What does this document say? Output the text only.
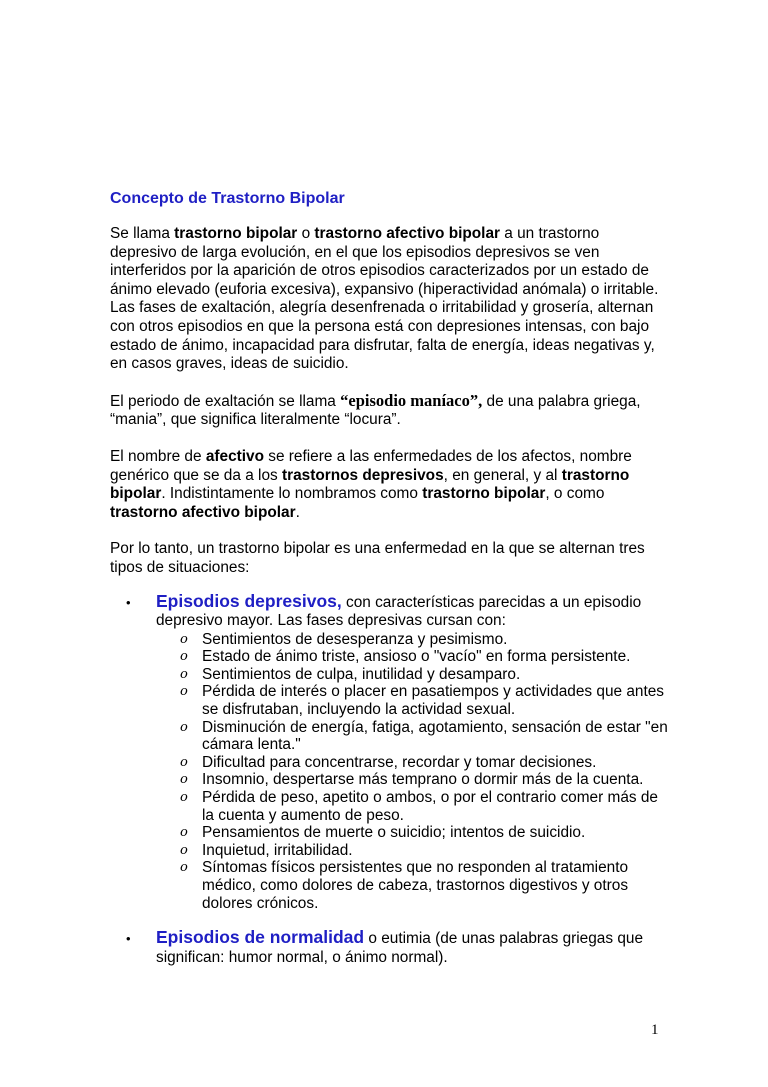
Concepto de Trastorno Bipolar

Se llama trastorno bipolar o trastorno afectivo bipolar a un trastorno depresivo de larga evolución, en el que los episodios depresivos se ven interferidos por la aparición de otros episodios caracterizados por un estado de ánimo elevado (euforia excesiva), expansivo (hiperactividad anómala) o irritable. Las fases de exaltación, alegría desenfrenada o irritabilidad y grosería, alternan con otros episodios en que la persona está con depresiones intensas, con bajo estado de ánimo, incapacidad para disfrutar, falta de energía, ideas negativas y, en casos graves, ideas de suicidio.

El periodo de exaltación se llama “episodio maníaco”, de una palabra griega, “mania”, que significa literalmente “locura”.

El nombre de afectivo se refiere a las enfermedades de los afectos, nombre genérico que se da a los trastornos depresivos, en general, y al trastorno bipolar. Indistintamente lo nombramos como trastorno bipolar, o como trastorno afectivo bipolar.

Por lo tanto, un trastorno bipolar es una enfermedad en la que se alternan tres tipos de situaciones:

• Episodios depresivos, con características parecidas a un episodio depresivo mayor. Las fases depresivas cursan con:
o Sentimientos de desesperanza y pesimismo.
o Estado de ánimo triste, ansioso o "vacío" en forma persistente.
o Sentimientos de culpa, inutilidad y desamparo.
o Pérdida de interés o placer en pasatiempos y actividades que antes se disfrutaban, incluyendo la actividad sexual.
o Disminución de energía, fatiga, agotamiento, sensación de estar "en cámara lenta."
o Dificultad para concentrarse, recordar y tomar decisiones.
o Insomnio, despertarse más temprano o dormir más de la cuenta.
o Pérdida de peso, apetito o ambos, o por el contrario comer más de la cuenta y aumento de peso.
o Pensamientos de muerte o suicidio; intentos de suicidio.
o Inquietud, irritabilidad.
o Síntomas físicos persistentes que no responden al tratamiento médico, como dolores de cabeza, trastornos digestivos y otros dolores crónicos.
• Episodios de normalidad o eutimia (de unas palabras griegas que significan: humor normal, o ánimo normal).
1
